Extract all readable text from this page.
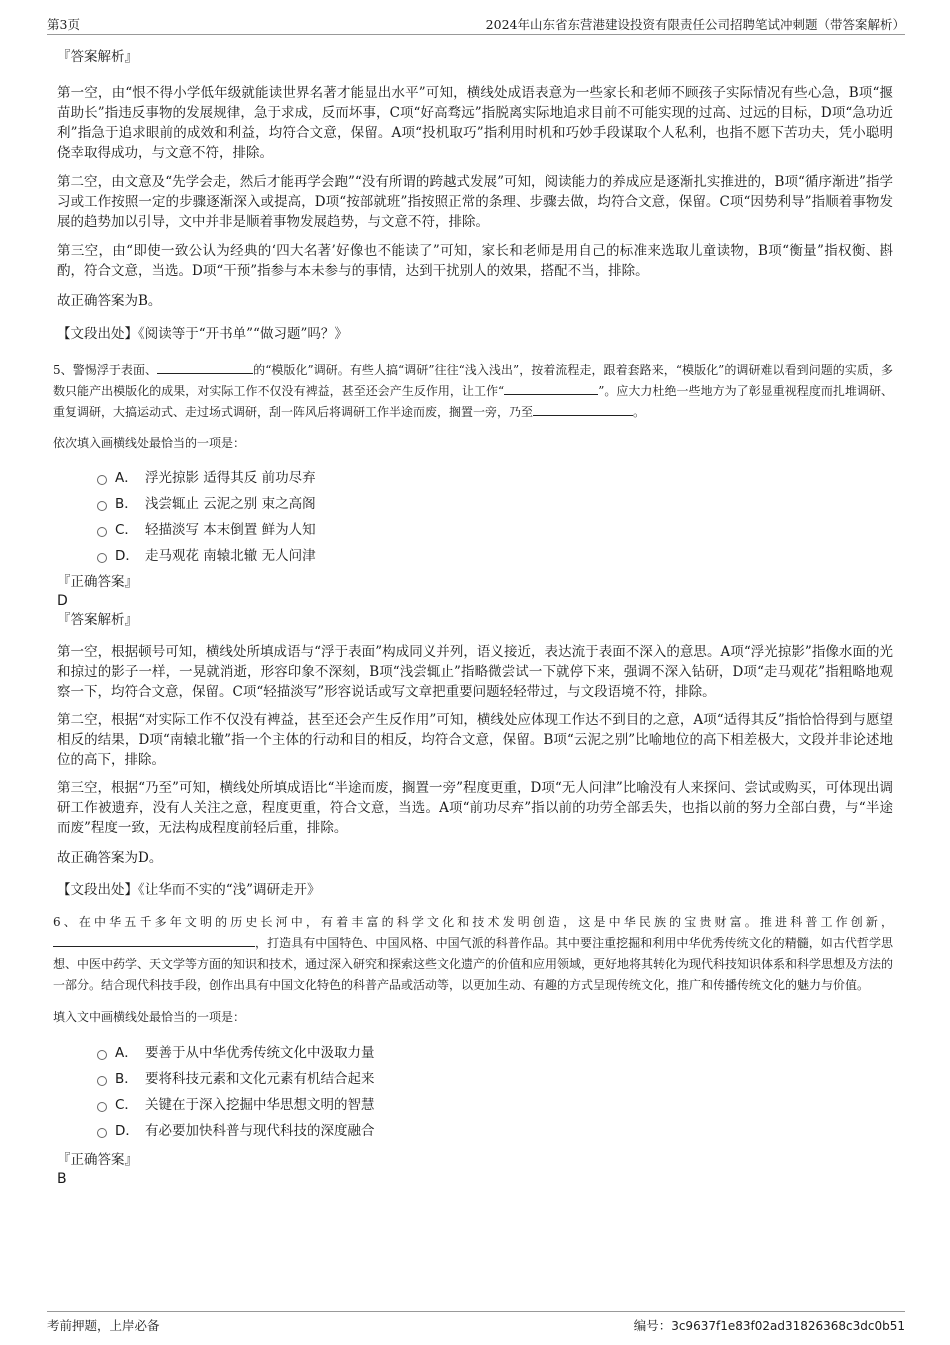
第3页	2024年山东省东营港建设投资有限责任公司招聘笔试冲刺题（带答案解析）

『答案解析』

第一空，由“恨不得小学低年级就能读世界名著才能显出水平”可知，横线处成语表意为一些家长和老师不顾孩子实际情况有些心急，B项“揠苗助长”指违反事物的发展规律，急于求成，反而坏事，C项“好高骛远”指脱离实际地追求目前不可能实现的过高、过远的目标，D项“急功近利”指急于追求眼前的成效和利益，均符合文意，保留。A项“投机取巧”指利用时机和巧妙手段谋取个人私利，也指不愿下苦功夫，凭小聪明侥幸取得成功，与文意不符，排除。

第二空，由文意及“先学会走，然后才能再学会跑”“没有所谓的跨越式发展”可知，阅读能力的养成应是逐渐扎实推进的，B项“循序渐进”指学习或工作按照一定的步骤逐渐深入或提高，D项“按部就班”指按照正常的条理、步骤去做，均符合文意，保留。C项“因势利导”指顺着事物发展的趋势加以引导，文中并非是顺着事物发展趋势，与文意不符，排除。

第三空，由“即使一致公认为经典的‘四大名著’好像也不能读了”可知，家长和老师是用自己的标准来选取儿童读物，B项“衡量”指权衡、斟酌，符合文意，当选。D项“干预”指参与本未参与的事情，达到干扰别人的效果，搭配不当，排除。

故正确答案为B。

【文段出处】《阅读等于“开书单”“做习题”吗？》

5、警惕浮于表面、	的“模版化”调研。有些人搞“调研”往往“浅入浅出”，按着流程走，跟着套路来，“模版化”的调研难以看到问题的实质，多数只能产出模版化的成果，对实际工作不仅没有裨益，甚至还会产生反作用，让工作“	”。应大力杜绝一些地方为了彰显重视程度而扎堆调研、重复调研，大搞运动式、走过场式调研，刮一阵风后将调研工作半途而废，搁置一旁，乃至	。

依次填入画横线处最恰当的一项是：

A． 浮光掠影 适得其反 前功尽弃
B． 浅尝辄止 云泥之别 束之高阁
C． 轻描淡写 本末倒置 鲜为人知
D． 走马观花 南辕北辙 无人问津

『正确答案』

D

『答案解析』

第一空，根据顿号可知，横线处所填成语与“浮于表面”构成同义并列，语义接近，表达流于表面不深入的意思。A项“浮光掠影”指像水面的光和掠过的影子一样，一晃就消逝，形容印象不深刻，B项“浅尝辄止”指略微尝试一下就停下来，强调不深入钻研，D项“走马观花”指粗略地观察一下，均符合文意，保留。C项“轻描淡写”形容说话或写文章把重要问题轻轻带过，与文段语境不符，排除。

第二空，根据“对实际工作不仅没有裨益，甚至还会产生反作用”可知，横线处应体现工作达不到目的之意，A项“适得其反”指恰恰得到与愿望相反的结果，D项“南辕北辙”指一个主体的行动和目的相反，均符合文意，保留。B项“云泥之别”比喻地位的高下相差极大，文段并非论述地位的高下，排除。

第三空，根据“乃至”可知，横线处所填成语比“半途而废，搁置一旁”程度更重，D项“无人问津”比喻没有人来探问、尝试或购买，可体现出调研工作被遗弃，没有人关注之意，程度更重，符合文意，当选。A项“前功尽弃”指以前的功劳全部丢失，也指以前的努力全部白费，与“半途而废”程度一致，无法构成程度前轻后重，排除。

故正确答案为D。

【文段出处】《让华而不实的“浅”调研走开》

6、在中华五千多年文明的历史长河中，有着丰富的科学文化和技术发明创造，这是中华民族的宝贵财富。推进科普工作创新，，打造具有中国特色、中国风格、中国气派的科普作品。其中要注重挖掘和利用中华优秀传统文化的精髓，如古代哲学思想、中医中药学、天文学等方面的知识和技术，通过深入研究和探索这些文化遗产的价值和应用领域，更好地将其转化为现代科技知识体系和科学思想及方法的一部分。结合现代科技手段，创作出具有中国文化特色的科普产品或活动等，以更加生动、有趣的方式呈现传统文化，推广和传播传统文化的魅力与价值。

填入文中画横线处最恰当的一项是：

A． 要善于从中华优秀传统文化中汲取力量
B． 要将科技元素和文化元素有机结合起来
C． 关键在于深入挖掘中华思想文明的智慧
D． 有必要加快科普与现代科技的深度融合

『正确答案』

B

考前押题，上岸必备	编号：3c9637f1e83f02ad31826368c3dc0b51
